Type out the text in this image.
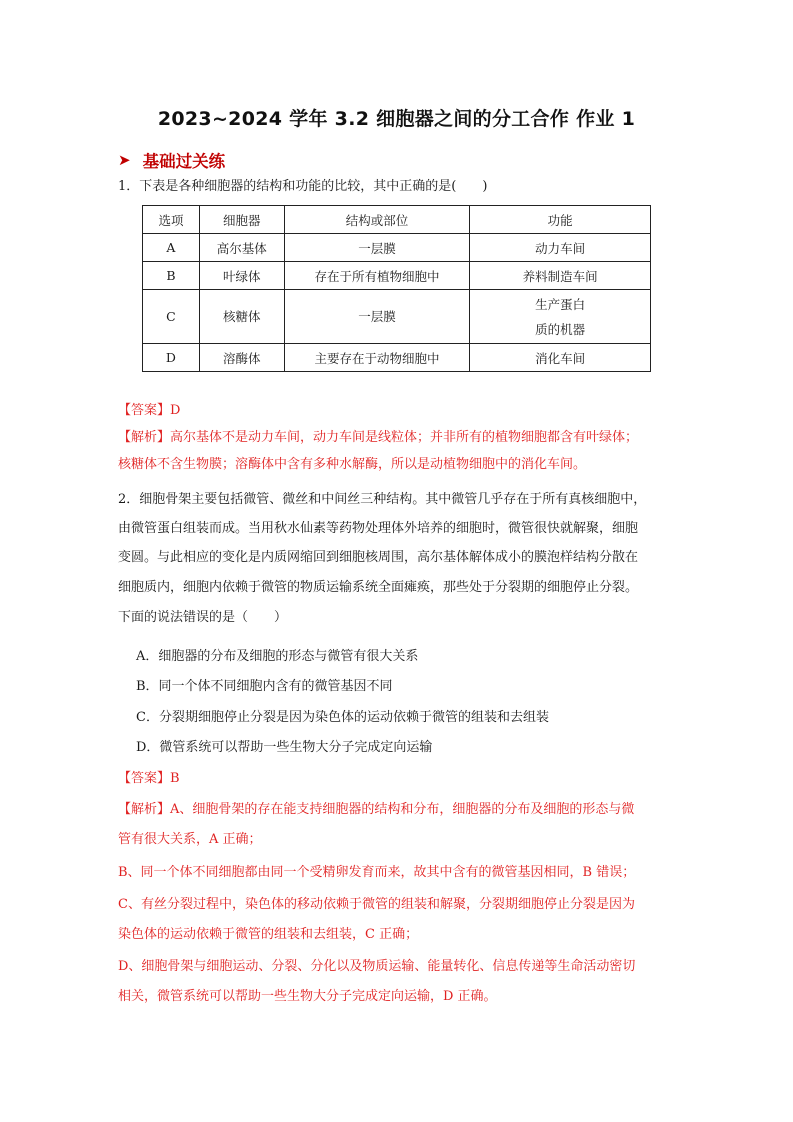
2023~2024 学年 3.2 细胞器之间的分工合作 作业 1
➤ 基础过关练
1．下表是各种细胞器的结构和功能的比较，其中正确的是(　　)
选项	细胞器	结构或部位	功能
A	高尔基体	一层膜	动力车间
B	叶绿体	存在于所有植物细胞中	养料制造车间
C	核糖体	一层膜	生产蛋白
质的机器

D	溶酶体	主要存在于动物细胞中	消化车间
【答案】D
【解析】高尔基体不是动力车间，动力车间是线粒体；并非所有的植物细胞都含有叶绿体；
核糖体不含生物膜；溶酶体中含有多种水解酶，所以是动植物细胞中的消化车间。
2．细胞骨架主要包括微管、微丝和中间丝三种结构。其中微管几乎存在于所有真核细胞中，
由微管蛋白组装而成。当用秋水仙素等药物处理体外培养的细胞时，微管很快就解聚，细胞
变圆。与此相应的变化是内质网缩回到细胞核周围，高尔基体解体成小的膜泡样结构分散在
细胞质内，细胞内依赖于微管的物质运输系统全面瘫痪，那些处于分裂期的细胞停止分裂。
下面的说法错误的是（　　）
A．细胞器的分布及细胞的形态与微管有很大关系
B．同一个体不同细胞内含有的微管基因不同
C．分裂期细胞停止分裂是因为染色体的运动依赖于微管的组装和去组装
D．微管系统可以帮助一些生物大分子完成定向运输
【答案】B
【解析】A、细胞骨架的存在能支持细胞器的结构和分布，细胞器的分布及细胞的形态与微
管有很大关系，A 正确；
B、同一个体不同细胞都由同一个受精卵发育而来，故其中含有的微管基因相同，B 错误；
C、有丝分裂过程中，染色体的移动依赖于微管的组装和解聚，分裂期细胞停止分裂是因为
染色体的运动依赖于微管的组装和去组装，C 正确；
D、细胞骨架与细胞运动、分裂、分化以及物质运输、能量转化、信息传递等生命活动密切
相关，微管系统可以帮助一些生物大分子完成定向运输，D 正确。
